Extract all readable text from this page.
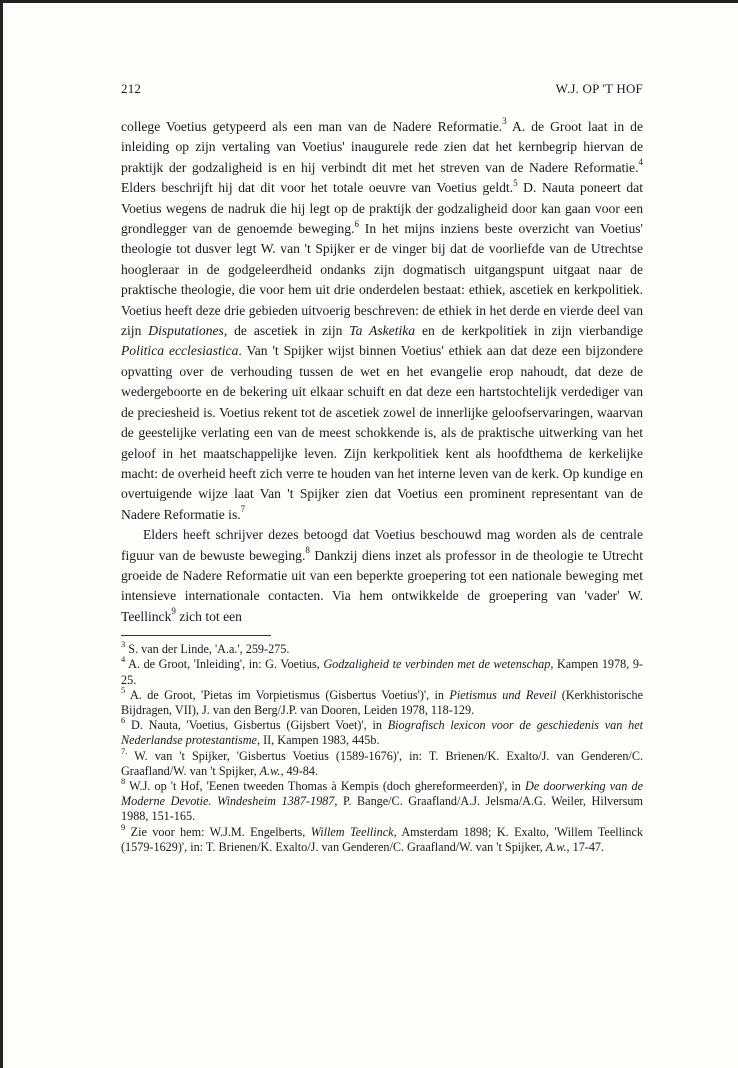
212	W.J. OP 'T HOF

college Voetius getypeerd als een man van de Nadere Reformatie.$^3$ A. de Groot laat in de inleiding op zijn vertaling van Voetius' inaugurele rede zien dat het kernbegrip hiervan de praktijk der godzaligheid is en hij verbindt dit met het streven van de Nadere Reformatie.$^4$ Elders beschrijft hij dat dit voor het totale oeuvre van Voetius geldt.$^5$ D. Nauta poneert dat Voetius wegens de nadruk die hij legt op de praktijk der godzaligheid door kan gaan voor een grondlegger van de genoemde beweging.$^6$ In het mijns inziens beste overzicht van Voetius' theologie tot dusver legt W. van 't Spijker er de vinger bij dat de voorliefde van de Utrechtse hoogleraar in de godgeleerdheid ondanks zijn dogmatisch uitgangspunt uitgaat naar de praktische theologie, die voor hem uit drie onderdelen bestaat: ethiek, ascetiek en kerkpolitiek. Voetius heeft deze drie gebieden uitvoerig beschreven: de ethiek in het derde en vierde deel van zijn Disputationes, de ascetiek in zijn Ta Asketika en de kerkpolitiek in zijn vierbandige Politica ecclesiastica. Van 't Spijker wijst binnen Voetius' ethiek aan dat deze een bijzondere opvatting over de verhouding tussen de wet en het evangelie erop nahoudt, dat deze de wedergeboorte en de bekering uit elkaar schuift en dat deze een hartstochtelijk verdediger van de preciesheid is. Voetius rekent tot de ascetiek zowel de innerlijke geloofservaringen, waarvan de geestelijke verlating een van de meest schokkende is, als de praktische uitwerking van het geloof in het maatschappelijke leven. Zijn kerkpolitiek kent als hoofdthema de kerkelijke macht: de overheid heeft zich verre te houden van het interne leven van de kerk. Op kundige en overtuigende wijze laat Van 't Spijker zien dat Voetius een prominent representant van de Nadere Reformatie is.$^7$

Elders heeft schrijver dezes betoogd dat Voetius beschouwd mag worden als de centrale figuur van de bewuste beweging.$^8$ Dankzij diens inzet als professor in de theologie te Utrecht groeide de Nadere Reformatie uit van een beperkte groepering tot een nationale beweging met intensieve internationale contacten. Via hem ontwikkelde de groepering van 'vader' W. Teellinck$^9$ zich tot een

$^3$ S. van der Linde, 'A.a.', 259-275.

$^4$ A. de Groot, 'Inleiding', in: G. Voetius, Godzaligheid te verbinden met de wetenschap, Kampen 1978, 9-25.

$^5$ A. de Groot, 'Pietas im Vorpietismus (Gisbertus Voetius')', in Pietismus und Reveil (Kerkhistorische Bijdragen, VII), J. van den Berg/J.P. van Dooren, Leiden 1978, 118-129.

$^6$ D. Nauta, 'Voetius, Gisbertus (Gijsbert Voet)', in Biografisch lexicon voor de geschiedenis van het Nederlandse protestantisme, II, Kampen 1983, 445b.

$^{7.}$ W. van 't Spijker, 'Gisbertus Voetius (1589-1676)', in: T. Brienen/K. Exalto/J. van Genderen/C. Graafland/W. van 't Spijker, A.w., 49-84.

$^8$ W.J. op 't Hof, 'Eenen tweeden Thomas à Kempis (doch ghereformeerden)', in De doorwerking van de Moderne Devotie. Windesheim 1387-1987, P. Bange/C. Graafland/A.J. Jelsma/A.G. Weiler, Hilversum 1988, 151-165.

$^9$ Zie voor hem: W.J.M. Engelberts, Willem Teellinck, Amsterdam 1898; K. Exalto, 'Willem Teellinck (1579-1629)', in: T. Brienen/K. Exalto/J. van Genderen/C. Graafland/W. van 't Spijker, A.w., 17-47.
